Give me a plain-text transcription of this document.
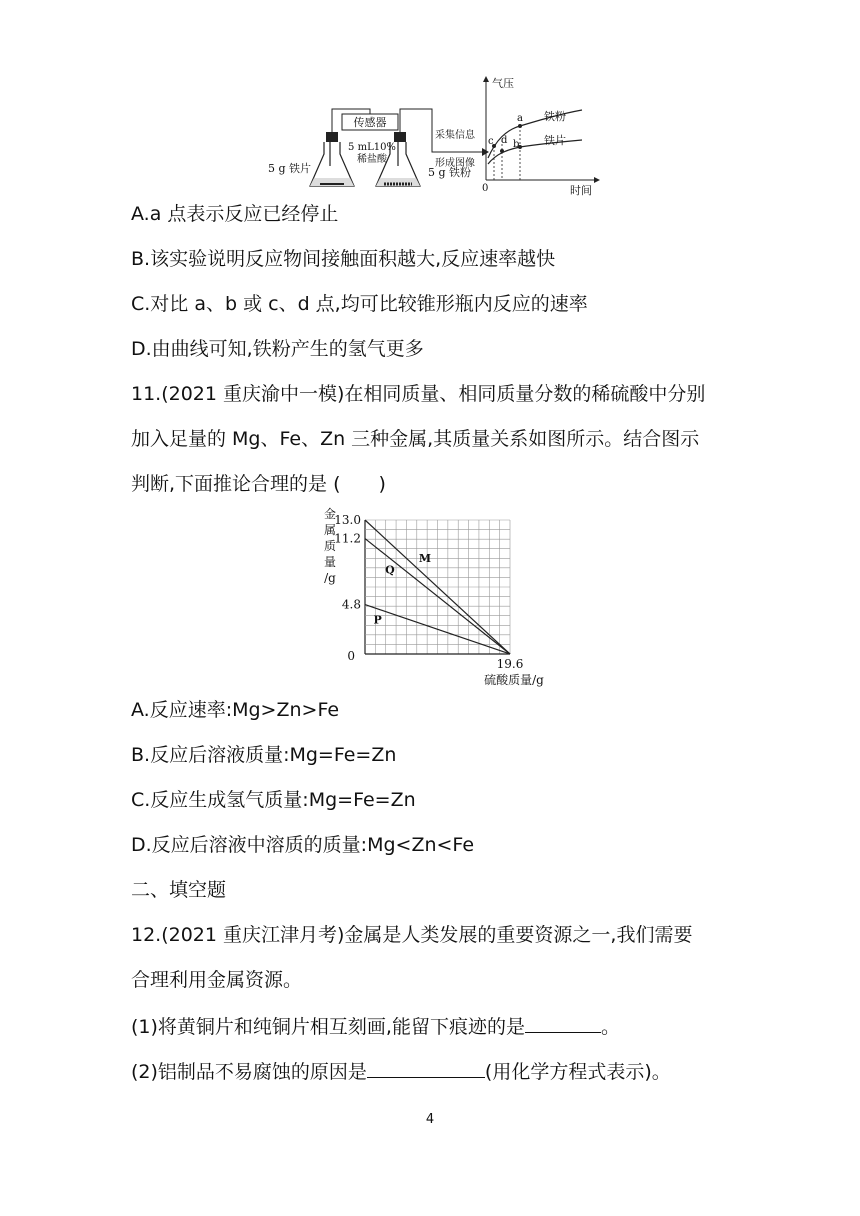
传感器
采集信息
形成图像
5 g 铁片
5 mL10%
稀盐酸
5 g 铁粉
气压
时间
0
a
b
c d
铁粉
铁片
A.a 点表示反应已经停止
B.该实验说明反应物间接触面积越大,反应速率越快
C.对比 a、b 或 c、d 点,均可比较锥形瓶内反应的速率
D.由曲线可知,铁粉产生的氢气更多
11.(2021 重庆渝中一模)在相同质量、相同质量分数的稀硫酸中分别
加入足量的 Mg、Fe、Zn 三种金属,其质量关系如图所示。结合图示
判断,下面推论合理的是 (　　)
M
Q
P
13.0
11.2
4.8
19.6
0
金
属
质
量
/g
硫酸质量/g
A.反应速率:Mg>Zn>Fe
B.反应后溶液质量:Mg=Fe=Zn
C.反应生成氢气质量:Mg=Fe=Zn
D.反应后溶液中溶质的质量:Mg<Zn<Fe
二、填空题
12.(2021 重庆江津月考)金属是人类发展的重要资源之一,我们需要
合理利用金属资源。
(1)将黄铜片和纯铜片相互刻画,能留下痕迹的是	。
(2)铝制品不易腐蚀的原因是	(用化学方程式表示)。
4
